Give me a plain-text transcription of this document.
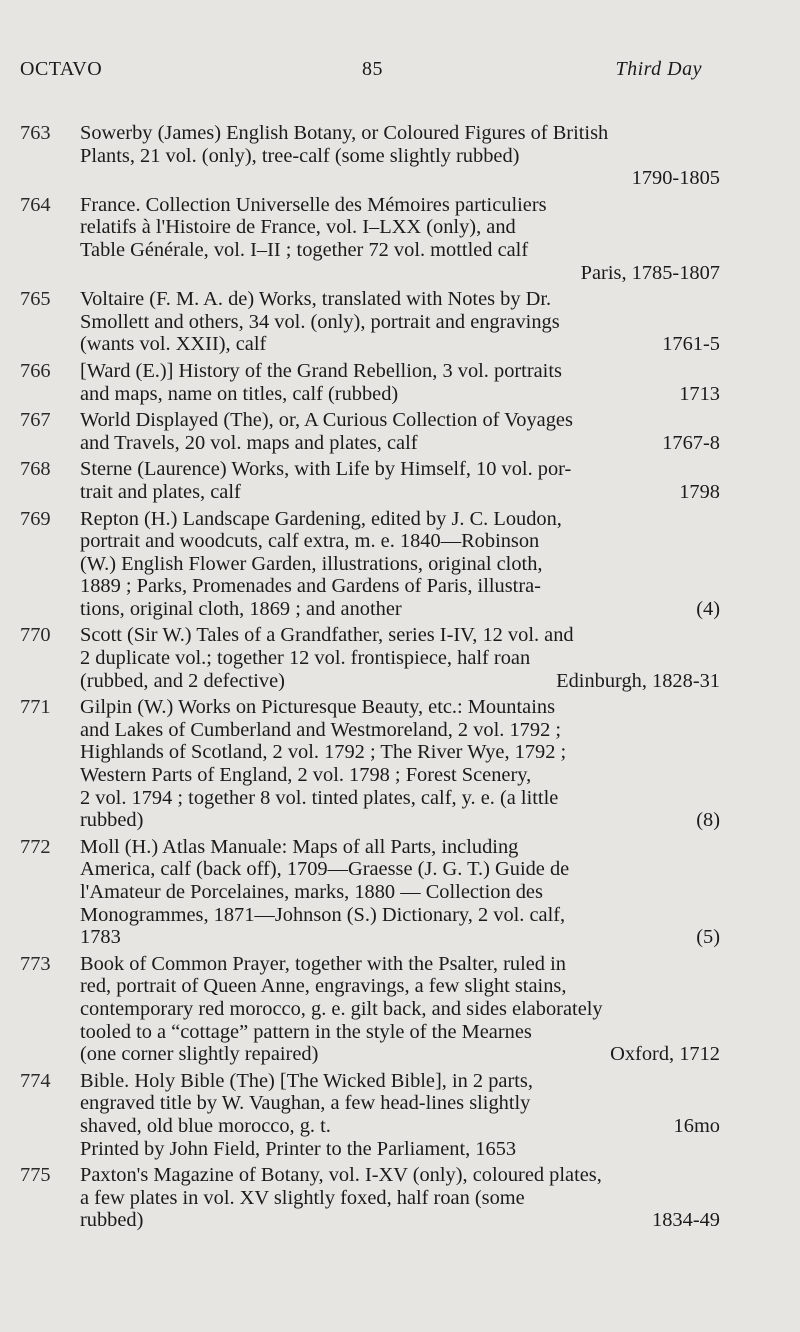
OCTAVO	85	Third Day
763	Sowerby (James) English Botany, or Coloured Figures of British
Plants, 21 vol. (only), tree-calf (some slightly rubbed)
1790-1805
764	France. Collection Universelle des Mémoires particuliers
relatifs à l'Histoire de France, vol. I–LXX (only), and
Table Générale, vol. I–II ; together 72 vol. mottled calf
Paris, 1785-1807
765	Voltaire (F. M. A. de) Works, translated with Notes by Dr.
Smollett and others, 34 vol. (only), portrait and engravings
(wants vol. XXII), calf	1761-5
766	[Ward (E.)] History of the Grand Rebellion, 3 vol. portraits
and maps, name on titles, calf (rubbed)	1713
767	World Displayed (The), or, A Curious Collection of Voyages
and Travels, 20 vol. maps and plates, calf	1767-8
768	Sterne (Laurence) Works, with Life by Himself, 10 vol. por-
trait and plates, calf	1798
769	Repton (H.) Landscape Gardening, edited by J. C. Loudon,
portrait and woodcuts, calf extra, m. e. 1840—Robinson
(W.) English Flower Garden, illustrations, original cloth,
1889 ; Parks, Promenades and Gardens of Paris, illustra-
tions, original cloth, 1869 ; and another	(4)
770	Scott (Sir W.) Tales of a Grandfather, series I-IV, 12 vol. and
2 duplicate vol.; together 12 vol. frontispiece, half roan
(rubbed, and 2 defective)	Edinburgh, 1828-31
771	Gilpin (W.) Works on Picturesque Beauty, etc.: Mountains
and Lakes of Cumberland and Westmoreland, 2 vol. 1792 ;
Highlands of Scotland, 2 vol. 1792 ; The River Wye, 1792 ;
Western Parts of England, 2 vol. 1798 ; Forest Scenery,
2 vol. 1794 ; together 8 vol. tinted plates, calf, y. e. (a little
rubbed)	(8)
772	Moll (H.) Atlas Manuale: Maps of all Parts, including
America, calf (back off), 1709—Graesse (J. G. T.) Guide de
l'Amateur de Porcelaines, marks, 1880 — Collection des
Monogrammes, 1871—Johnson (S.) Dictionary, 2 vol. calf,
1783	(5)
773	Book of Common Prayer, together with the Psalter, ruled in
red, portrait of Queen Anne, engravings, a few slight stains,
contemporary red morocco, g. e. gilt back, and sides elaborately
tooled to a “cottage” pattern in the style of the Mearnes
(one corner slightly repaired)	Oxford, 1712
774	Bible. Holy Bible (The) [The Wicked Bible], in 2 parts,
engraved title by W. Vaughan, a few head-lines slightly
shaved, old blue morocco, g. t.	16mo
Printed by John Field, Printer to the Parliament, 1653
775	Paxton's Magazine of Botany, vol. I-XV (only), coloured plates,
a few plates in vol. XV slightly foxed, half roan (some
rubbed)	1834-49
